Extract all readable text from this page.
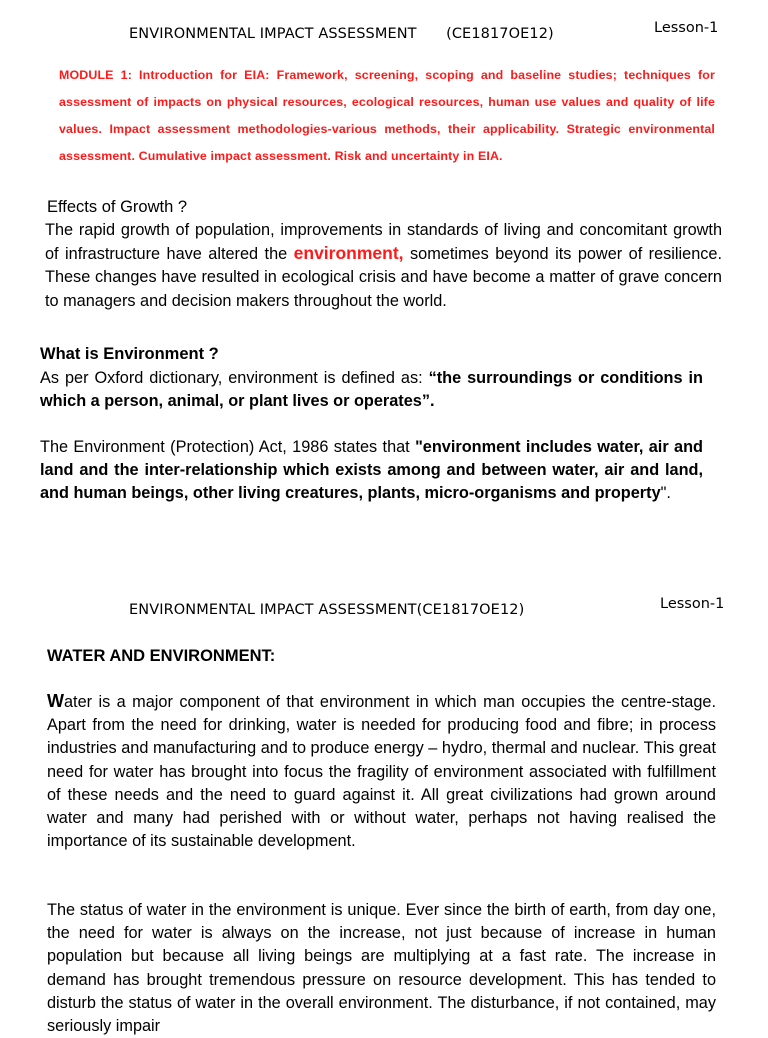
ENVIRONMENTAL IMPACT ASSESSMENT (CE1817OE12)	Lesson-1
MODULE 1: Introduction for EIA: Framework, screening, scoping and baseline studies; techniques for assessment of impacts on physical resources, ecological resources, human use values and quality of life values. Impact assessment methodologies-various methods, their applicability. Strategic environmental assessment. Cumulative impact assessment. Risk and uncertainty in EIA.
Effects of Growth ?
The rapid growth of population, improvements in standards of living and concomitant growth of infrastructure have altered the environment, sometimes beyond its power of resilience. These changes have resulted in ecological crisis and have become a matter of grave concern to managers and decision makers throughout the world.
What is Environment ?
As per Oxford dictionary, environment is defined as: “the surroundings or conditions in which a person, animal, or plant lives or operates”.
The Environment (Protection) Act, 1986 states that "environment includes water, air and land and the inter-relationship which exists among and between water, air and land, and human beings, other living creatures, plants, micro-organisms and property".
ENVIRONMENTAL IMPACT ASSESSMENT(CE1817OE12)	Lesson-1
WATER AND ENVIRONMENT:
Water is a major component of that environment in which man occupies the centre-stage. Apart from the need for drinking, water is needed for producing food and fibre; in process industries and manufacturing and to produce energy – hydro, thermal and nuclear. This great need for water has brought into focus the fragility of environment associated with fulfillment of these needs and the need to guard against it. All great civilizations had grown around water and many had perished with or without water, perhaps not having realised the importance of its sustainable development.
The status of water in the environment is unique. Ever since the birth of earth, from day one, the need for water is always on the increase, not just because of increase in human population but because all living beings are multiplying at a fast rate. The increase in demand has brought tremendous pressure on resource development. This has tended to disturb the status of water in the overall environment. The disturbance, if not contained, may seriously impair
